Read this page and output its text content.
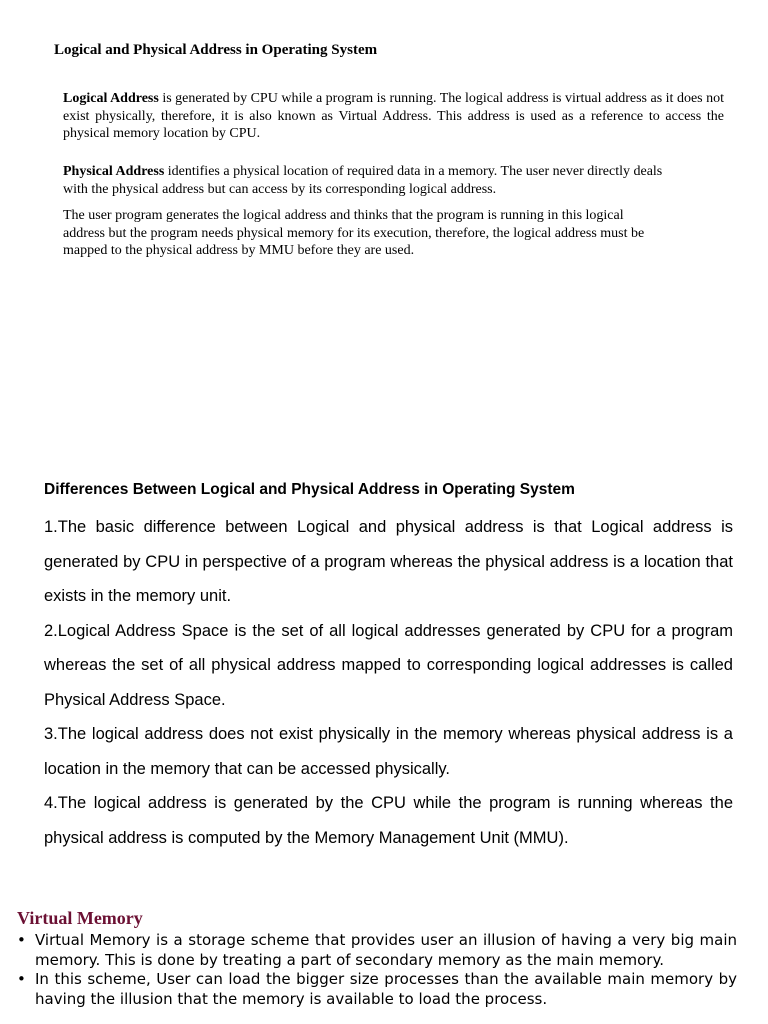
Logical and Physical Address in Operating System

Logical Address is generated by CPU while a program is running. The logical address is virtual address as it does not exist physically, therefore, it is also known as Virtual Address. This address is used as a reference to access the physical memory location by CPU.

Physical Address identifies a physical location of required data in a memory. The user never directly deals with the physical address but can access by its corresponding logical address.

The user program generates the logical address and thinks that the program is running in this logical address but the program needs physical memory for its execution, therefore, the logical address must be mapped to the physical address by MMU before they are used.

Differences Between Logical and Physical Address in Operating System
1.The basic difference between Logical and physical address is that Logical address is generated by CPU in perspective of a program whereas the physical address is a location that exists in the memory unit.
2.Logical Address Space is the set of all logical addresses generated by CPU for a program whereas the set of all physical address mapped to corresponding logical addresses is called Physical Address Space.
3.The logical address does not exist physically in the memory whereas physical address is a location in the memory that can be accessed physically.
4.The logical address is generated by the CPU while the program is running whereas the physical address is computed by the Memory Management Unit (MMU).
Virtual Memory
• Virtual Memory is a storage scheme that provides user an illusion of having a very big main memory. This is done by treating a part of secondary memory as the main memory.
• In this scheme, User can load the bigger size processes than the available main memory by having the illusion that the memory is available to load the process.
